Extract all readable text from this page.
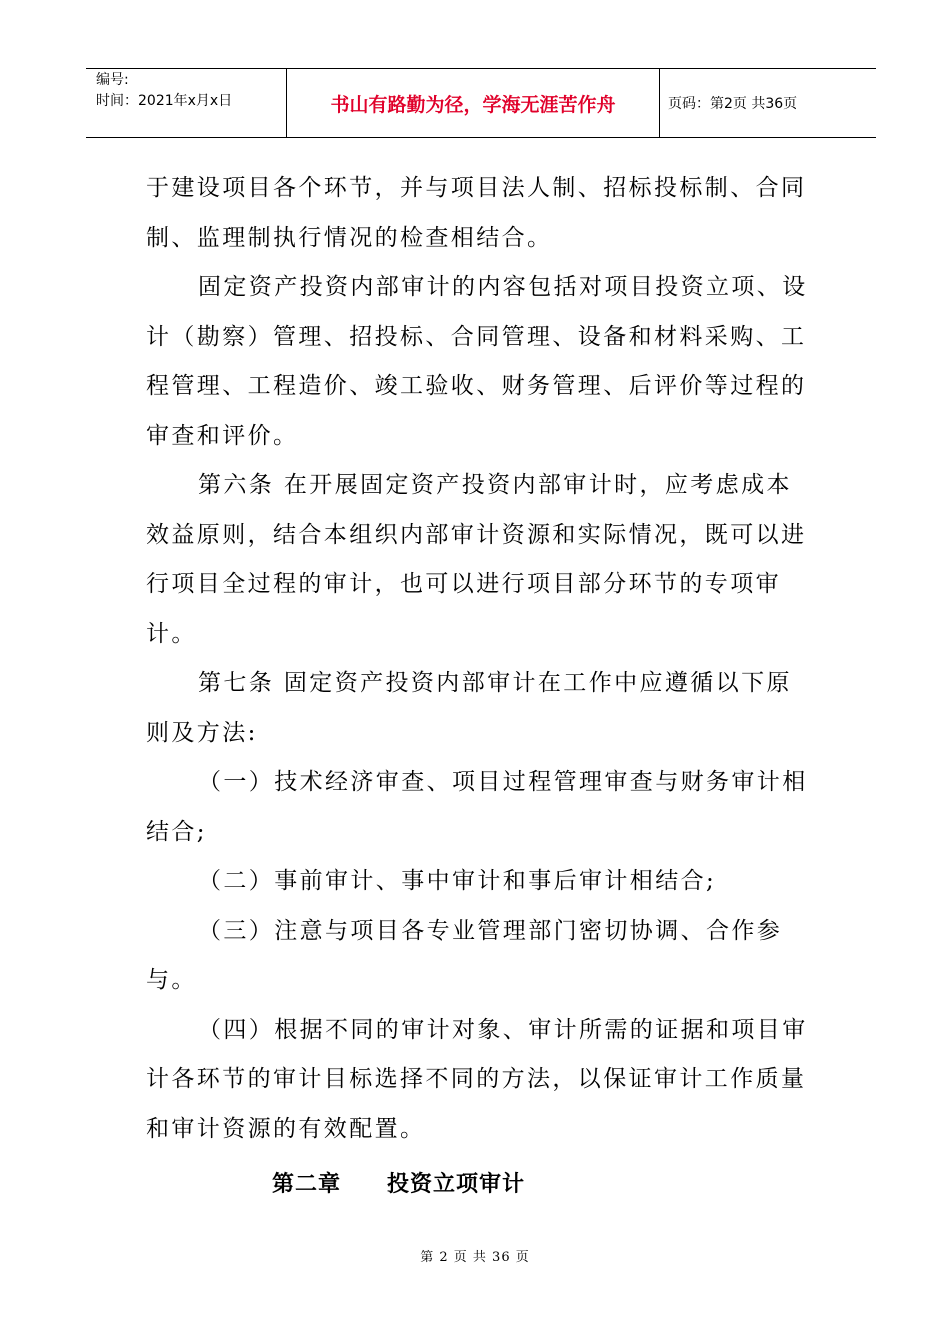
编号:
时间：2021年x月x日	书山有路勤为径，学海无涯苦作舟	页码：第2页 共36页

于建设项目各个环节，并与项目法人制、招标投标制、合同制、监理制执行情况的检查相结合。

固定资产投资内部审计的内容包括对项目投资立项、设计（勘察）管理、招投标、合同管理、设备和材料采购、工程管理、工程造价、竣工验收、财务管理、后评价等过程的审查和评价。

第六条 在开展固定资产投资内部审计时，应考虑成本效益原则，结合本组织内部审计资源和实际情况，既可以进行项目全过程的审计，也可以进行项目部分环节的专项审计。

第七条 固定资产投资内部审计在工作中应遵循以下原则及方法:

（一）技术经济审查、项目过程管理审查与财务审计相结合;

（二）事前审计、事中审计和事后审计相结合;

（三）注意与项目各专业管理部门密切协调、合作参与。

（四）根据不同的审计对象、审计所需的证据和项目审计各环节的审计目标选择不同的方法，以保证审计工作质量和审计资源的有效配置。

第二章 投资立项审计

第 2 页 共 36 页
